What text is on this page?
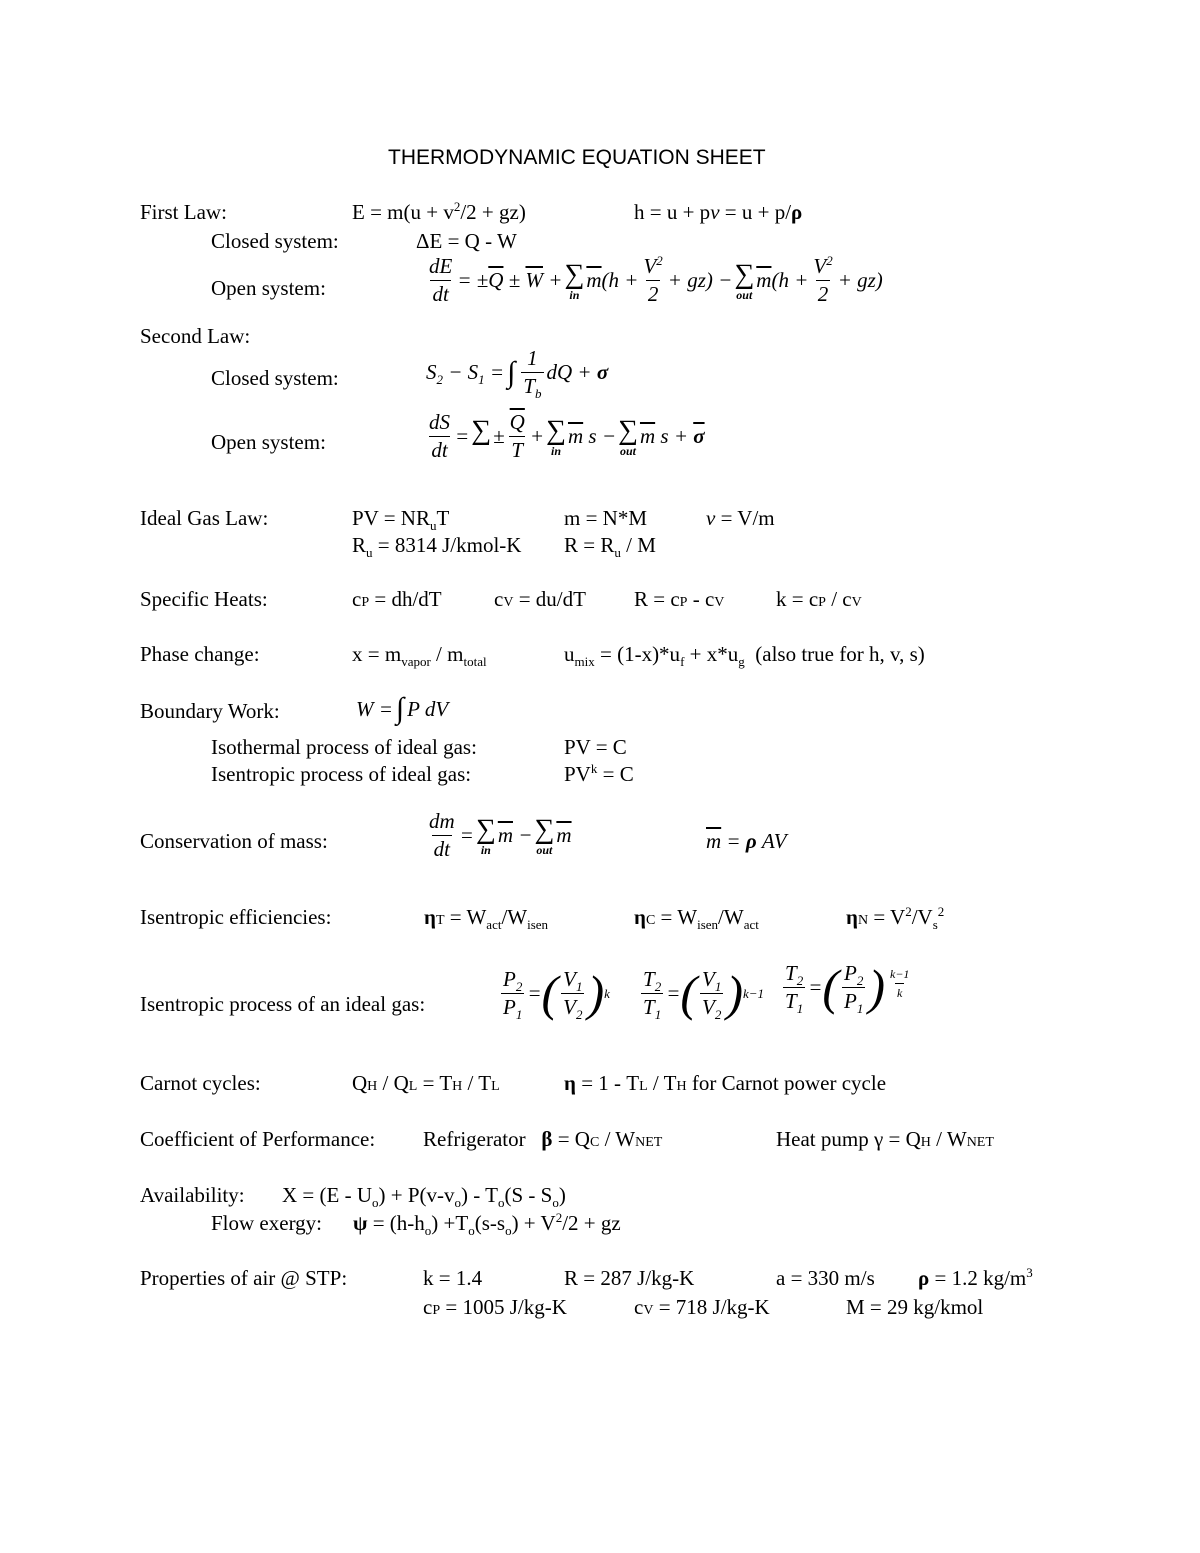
THERMODYNAMIC EQUATION SHEET
First Law:	$E = m(u + v^2/2 + gz)$	h = u + pv = u + p/ρ
Closed system:	ΔE = Q - W
Open system:	$\frac{dE}{dt} = \pm\overline{Q} \pm \overline{W}$ + ∑
in
$\overline{m}(h + \frac{V^2}{2} + gz)$ − ∑
out
$\overline{m}(h + \frac{V^2}{2} + gz)$
Second Law:
Closed system:	$S_2 - S_1$ = ∫ $\frac{1}{T_b}$ dQ + σ
Open system:	$\frac{dS}{dt}$ = ∑
± $\frac{\overline{Q}}{T}$ + ∑
in
$\overline{m}$ s − ∑
out
$\overline{m}$ $s + \overline{\sigma}$
Ideal Gas Law:	PV = $NR_uT$	m = N*M	v = V/m
$R_u = 8314$ J/kmol-K $R = R_u / M$
Specific Heats:	cP = dh/dT cV = du/dT R = cP - cV k = cP / cV
Phase change:	$x = m_{vapor} / m_{total}$	$u_{mix} = (1-x)*u_f + x*u_g$ (also true for h, v, s)
Boundary Work:	W = ∫ P dV
Isothermal process of ideal gas:	PV = C
Isentropic process of ideal gas:	$PV^k = C$
Conservation of mass:	$\frac{dm}{dt}$ = ∑
in
$\overline{m}$ − ∑
out
$\overline{m}$	$\overline{m} = \rho$ AV
Isentropic efficiencies:	$\eta T = W_{act}/W_{isen}$	$\eta C = W_{isen}/W_{act}$	$\eta N = V^2/V_s^2$
Isentropic process of an ideal gas:	$\frac{P_2}{P_1}$ = ( $\frac{V_1}{V_2}$ ) k $\frac{T_2}{T_1}$ = ( $\frac{V_1}{V_2}$ ) $k-1 \frac{T_2}{T_1}$ = ( $\frac{P_2}{P_1}$ ) $\frac{k-1}{k}$
Carnot cycles:	QH / QL = TH / TL	η = 1 - TL / TH for Carnot power cycle
Coefficient of Performance: Refrigerator β = QC / WNET	Heat pump γ = QH / WNET
Availability: $X = (E - U_o) + P(v-v_o) - T_o(S - S_o)$
Flow exergy: $\psi = (h-h_o) +T_o(s-s_o) + V^2/2$ + gz
Properties of air @ STP:	k = 1.4	R = 287 J/kg-K	a = 330 m/s ρ = 1.2 $kg/m^3$
cP = 1005 J/kg-K	cV = 718 J/kg-K	M = 29 kg/kmol
